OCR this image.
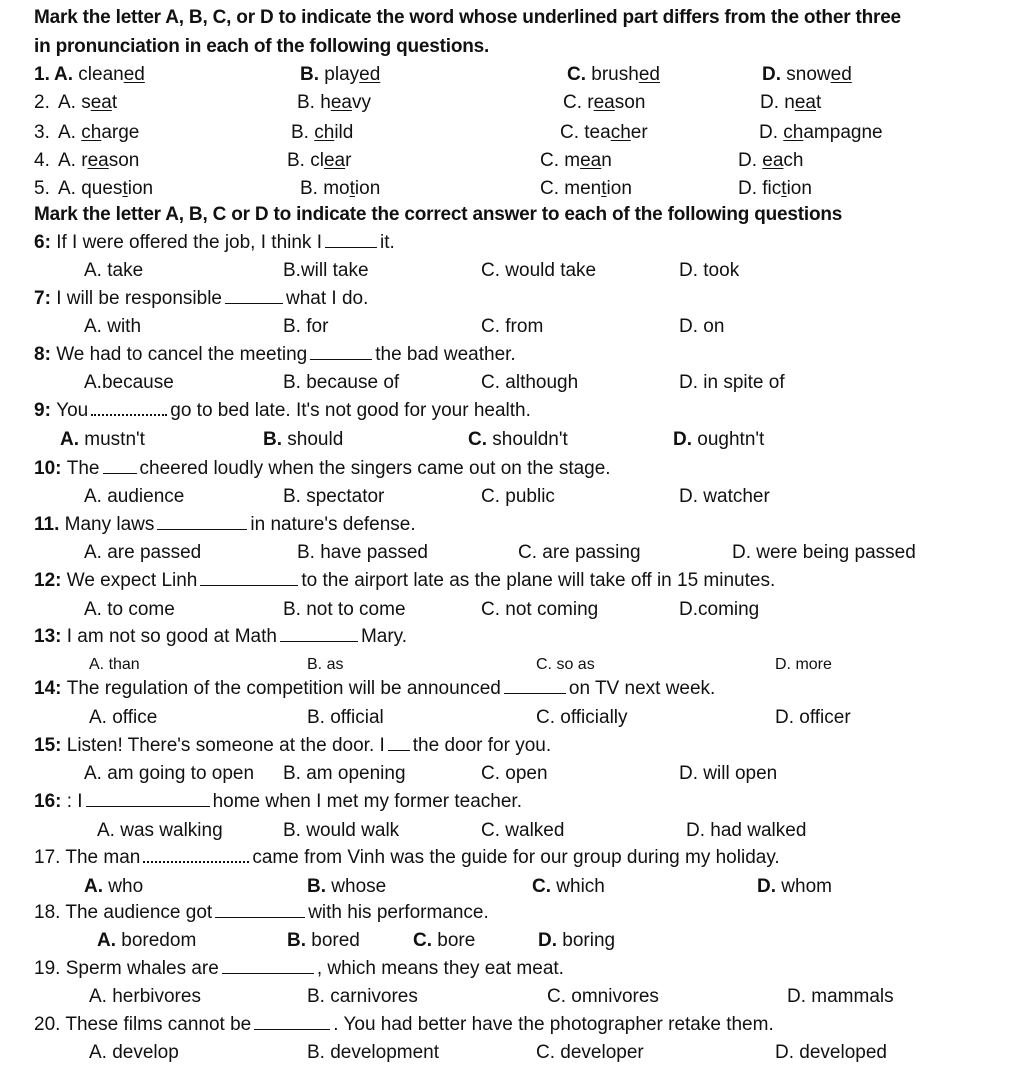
Mark the letter A, B, C, or D to indicate the word whose underlined part differs from the other three
in pronunciation in each of the following questions.
1. A. cleaned	B. played	C. brushed	D. snowed
2. A. seat	B. heavy	C. reason	D. neat
3. A. charge	B. child	C. teacher	D. champagne
4. A. reason	B. clear	C. mean	D. each
5. A. question	B. motion	C. mention	D. fiction
Mark the letter A, B, C or D to indicate the correct answer to each of the following questions
6: If I were offered the job, I think I	it.
A. take	B.will take	C. would take	D. took
7: I will be responsible	what I do.
A. with	B. for	C. from	D. on
8: We had to cancel the meeting	the bad weather.
A.because	B. because of	C. although	D. in spite of
9: You	go to bed late. It's not good for your health.
A. mustn't	B. should	C. shouldn't	D. oughtn't
10: The cheered loudly when the singers came out on the stage.
A. audience	B. spectator	C. public	D. watcher
11. Many laws	in nature's defense.
A. are passed	B. have passed	C. are passing	D. were being passed
12: We expect Linh	to the airport late as the plane will take off in 15 minutes.
A. to come	B. not to come	C. not coming	D.coming
13: I am not so good at Math	Mary.
A. than	B. as	C. so as	D. more
14: The regulation of the competition will be announced	on TV next week.
A. office	B. official	C. officially	D. officer
15: Listen! There's someone at the door. I the door for you.
A. am going to open B. am opening	C. open	D. will open
16: : I	home when I met my former teacher.
A. was walking	B. would walk	C. walked	D. had walked
17. The man	came from Vinh was the guide for our group during my holiday.
A. who	B. whose	C. which	D. whom
18. The audience got	with his performance.
A. boredom	B. bored	C. bore	D. boring
19. Sperm whales are	, which means they eat meat.
A. herbivores	B. carnivores	C. omnivores	D. mammals
20. These films cannot be	. You had better have the photographer retake them.
A. develop	B. development	C. developer	D. developed
